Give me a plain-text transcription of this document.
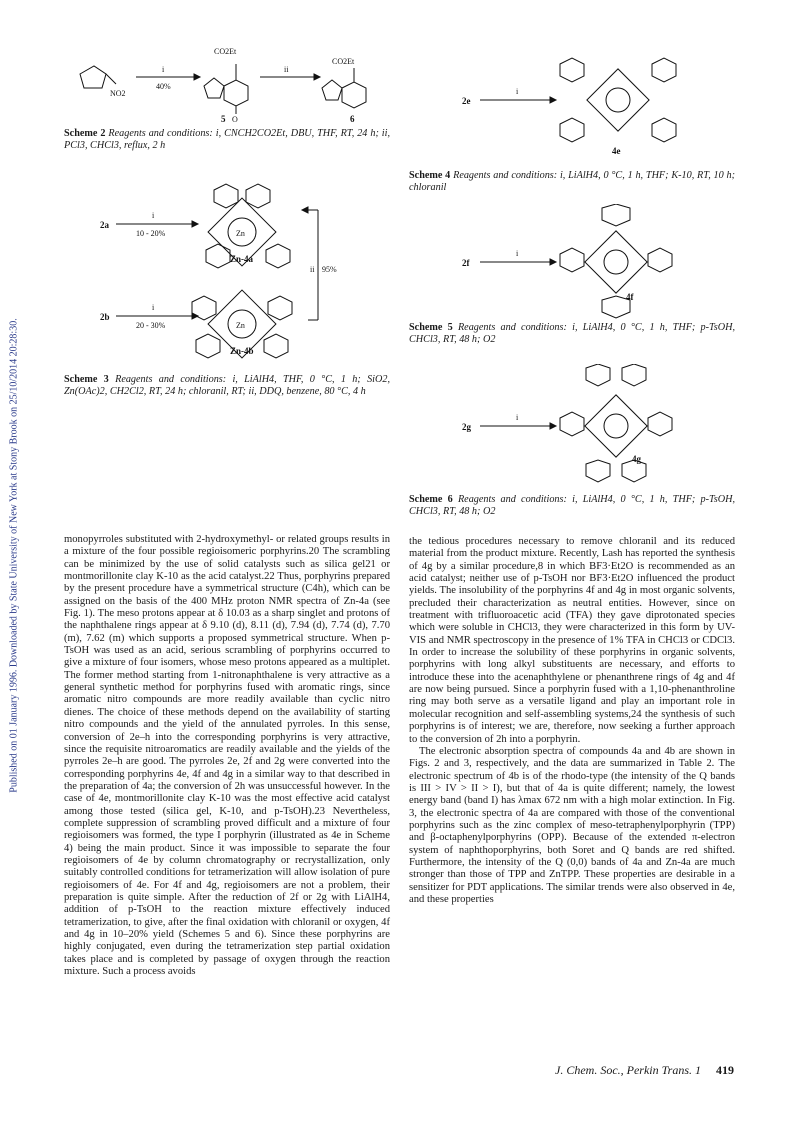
Published on 01 January 1996. Downloaded by State University of New York at Stony Brook on 25/10/2014 20:28:30.
CO2Et
CO2Et
NO2
i
40%
ii
5 O	6
Scheme 2 Reagents and conditions: i, CNCH2CO2Et, DBU, THF, RT, 24 h; ii, PCl3, CHCl3, reflux, 2 h
2a
i
10 - 20%
2b
i
20 - 30%
Zn
Zn
Zn-4a
Zn-4b
ii 95%
Scheme 3 Reagents and conditions: i, LiAlH4, THF, 0 °C, 1 h; SiO2, Zn(OAc)2, CH2Cl2, RT, 24 h; chloranil, RT; ii, DDQ, benzene, 80 °C, 4 h
2e
i
4e
Scheme 4 Reagents and conditions: i, LiAlH4, 0 °C, 1 h, THF; K-10, RT, 10 h; chloranil
2f
i
4f
Scheme 5 Reagents and conditions: i, LiAlH4, 0 °C, 1 h, THF; p-TsOH, CHCl3, RT, 48 h; O2
2g
i
4g
Scheme 6 Reagents and conditions: i, LiAlH4, 0 °C, 1 h, THF; p-TsOH, CHCl3, RT, 48 h; O2

monopyrroles substituted with 2-hydroxymethyl- or related groups results in a mixture of the four possible regioisomeric porphyrins.20 The scrambling can be minimized by the use of solid catalysts such as silica gel21 or montmorillonite clay K-10 as the acid catalyst.22 Thus, porphyrins prepared by the present procedure have a symmetrical structure (C4h), which can be assigned on the basis of the 400 MHz proton NMR spectra of Zn-4a (see Fig. 1). The meso protons appear at δ 10.03 as a sharp singlet and protons of the naphthalene rings appear at δ 9.10 (d), 8.11 (d), 7.94 (d), 7.74 (d), 7.70 (m), 7.62 (m) which supports a proposed symmetrical structure. When p-TsOH was used as an acid, serious scrambling of porphyrins occurred to give a mixture of four isomers, whose meso protons appeared as a multiplet. The former method starting from 1-nitronaphthalene is very attractive as a general synthetic method for porphyrins fused with aromatic rings, since aromatic nitro compounds are more readily available than cyclic nitro dienes. The choice of these methods depend on the availability of starting nitro compounds and the yield of the annulated pyrroles. In this sense, conversion of 2e–h into the corresponding porphyrins is very attractive, since the requisite nitroaromatics are readily available and the yields of the pyrroles 2e–h are good. The pyrroles 2e, 2f and 2g were converted into the corresponding porphyrins 4e, 4f and 4g in a similar way to that described in the preparation of 4a; the conversion of 2h was unsuccessful however. In the case of 4e, montmorillonite clay K-10 was the most effective acid catalyst among those tested (silica gel, K-10, and p-TsOH).23 Nevertheless, complete suppression of scrambling proved difficult and a mixture of four regioisomers was formed, the type I porphyrin (illustrated as 4e in Scheme 4) being the main product. Since it was impossible to separate the four regioisomers of 4e by column chromatography or recrystallization, only suitably controlled conditions for tetramerization will allow isolation of pure regioisomers of 4e. For 4f and 4g, regioisomers are not a problem, their preparation is quite simple. After the reduction of 2f or 2g with LiAlH4, addition of p-TsOH to the reaction mixture effectively induced tetramerization, to give, after the final oxidation with chloranil or oxygen, 4f and 4g in 10–20% yield (Schemes 5 and 6). Since these porphyrins are highly conjugated, even during the tetramerization step partial oxidation takes place and is completed by passage of oxygen through the reaction mixture. Such a process avoids

the tedious procedures necessary to remove chloranil and its reduced material from the product mixture. Recently, Lash has reported the synthesis of 4g by a similar procedure,8 in which BF3·Et2O is recommended as an acid catalyst; neither use of p-TsOH nor BF3·Et2O influenced the product yields. The insolubility of the porphyrins 4f and 4g in most organic solvents, precluded their characterization as neutral entities. However, since on treatment with trifluoroacetic acid (TFA) they gave diprotonated species which were soluble in CHCl3, they were characterized in this form by UV-VIS and NMR spectroscopy in the presence of 1% TFA in CHCl3 or CDCl3. In order to increase the solubility of these porphyrins in organic solvents, porphyrins with long alkyl substituents are necessary, and efforts to introduce these into the acenaphthylene or phenanthrene rings of 4g and 4f are now being pursued. Since a porphyrin fused with a 1,10-phenanthroline ring may both serve as a versatile ligand and play an important role in molecular recognition and self-assembling systems,24 the synthesis of such porphyrins is of interest; we are, therefore, now seeking a further approach to the conversion of 2h into a porphyrin.

The electronic absorption spectra of compounds 4a and 4b are shown in Figs. 2 and 3, respectively, and the data are summarized in Table 2. The electronic spectrum of 4b is of the rhodo-type (the intensity of the Q bands is III > IV > II > I), but that of 4a is quite different; namely, the lowest energy band (band I) has λmax 672 nm with a high molar extinction. In Fig. 3, the electronic spectra of 4a are compared with those of the conventional porphyrins such as the zinc complex of meso-tetraphenylporphyrin (TPP) and β-octaphenylporphyrins (OPP). Because of the extended π-electron system of naphthoporphyrins, both Soret and Q bands are red shifted. Furthermore, the intensity of the Q (0,0) bands of 4a and Zn-4a are much stronger than those of TPP and ZnTPP. These properties are desirable in a sensitizer for PDT applications. The similar trends were also observed in 4e, and these properties

J. Chem. Soc., Perkin Trans. 1 419
